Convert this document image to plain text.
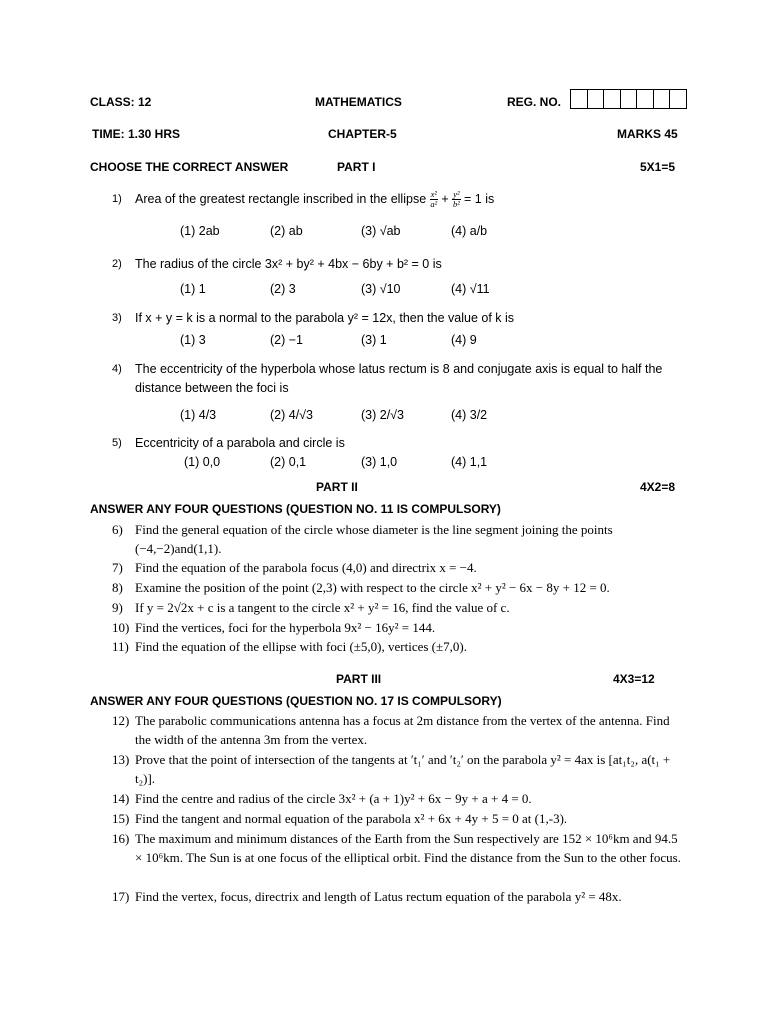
CLASS: 12	MATHEMATICS	REG. NO.
TIME: 1.30 HRS	CHAPTER-5	MARKS 45
CHOOSE THE CORRECT ANSWER	PART I	5X1=5
1)	Area of the greatest rectangle inscribed in the ellipse $\frac{\text{x²}}{\text{a²}} + \frac{\text{y²}}{\text{b²}} = 1$ is
(1) 2ab	(2) ab	(3) √ab	(4) a/b
2)	The radius of the circle 3x² + by² + 4bx − 6by + b² = 0 is
(1) 1	(2) 3	(3) √10	(4) √11
3)	If x + y = k is a normal to the parabola y² = 12x, then the value of k is
(1) 3	(2) −1	(3) 1	(4) 9
4)	The eccentricity of the hyperbola whose latus rectum is 8 and conjugate axis is equal to half the distance between the foci is
(1) 4/3	(2) 4/√3	(3) 2/√3	(4) 3/2
5)	Eccentricity of a parabola and circle is
(1) 0,0	(2) 0,1	(3) 1,0	(4) 1,1
PART II	4X2=8
ANSWER ANY FOUR QUESTIONS (QUESTION NO. 11 IS COMPULSORY)
6) Find the general equation of the circle whose diameter is the line segment joining the points (−4,−2)and(1,1).
7) Find the equation of the parabola focus (4,0) and directrix x = −4.
8) Examine the position of the point (2,3) with respect to the circle x² + y² − 6x − 8y + 12 = 0.
9) If y = 2√2x + c is a tangent to the circle x² + y² = 16, find the value of c.
10) Find the vertices, foci for the hyperbola 9x² − 16y² = 144.
11) Find the equation of the ellipse with foci (±5,0), vertices (±7,0).
PART III	4X3=12
ANSWER ANY FOUR QUESTIONS (QUESTION NO. 17 IS COMPULSORY)
12) The parabolic communications antenna has a focus at 2m distance from the vertex of the antenna. Find the width of the antenna 3m from the vertex.
13) Prove that the point of intersection of the tangents at ′t₁′ and ′t₂′ on the parabola y² = 4ax is [at₁t₂, a(t₁ + t₂)].
14) Find the centre and radius of the circle 3x² + (a + 1)y² + 6x − 9y + a + 4 = 0.
15) Find the tangent and normal equation of the parabola x² + 6x + 4y + 5 = 0 at (1,-3).
16) The maximum and minimum distances of the Earth from the Sun respectively are 152 × 10⁶km and 94.5 × 10⁶km. The Sun is at one focus of the elliptical orbit. Find the distance from the Sun to the other focus.
17) Find the vertex, focus, directrix and length of Latus rectum equation of the parabola y² = 48x.
